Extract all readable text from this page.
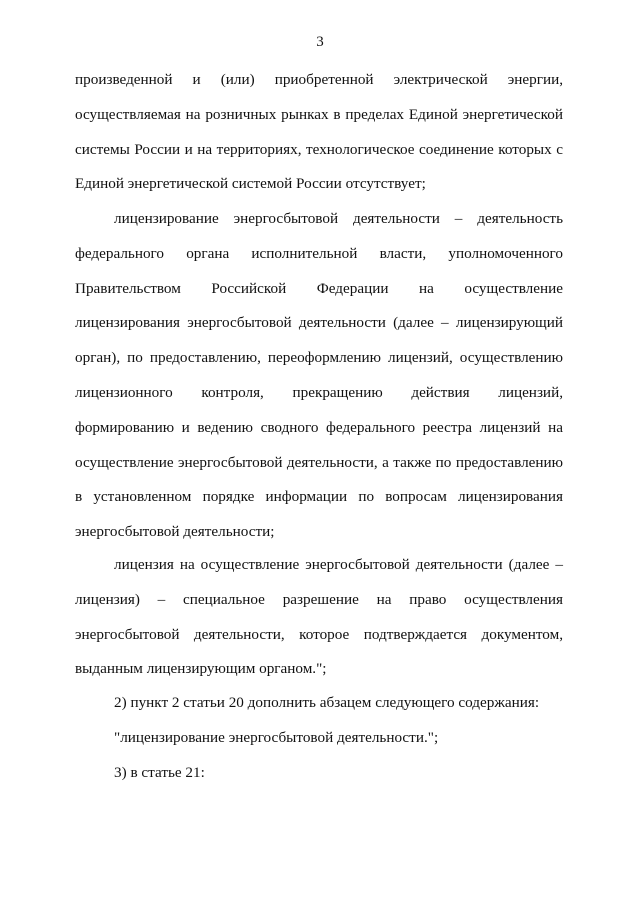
3

произведенной и (или) приобретенной электрической энергии, осуществляемая на розничных рынках в пределах Единой энергетической системы России и на территориях, технологическое соединение которых с Единой энергетической системой России отсутствует;

лицензирование энергосбытовой деятельности – деятельность федерального органа исполнительной власти, уполномоченного Правительством Российской Федерации на осуществление лицензирования энергосбытовой деятельности (далее – лицензирующий орган), по предоставлению, переоформлению лицензий, осуществлению лицензионного контроля, прекращению действия лицензий, формированию и ведению сводного федерального реестра лицензий на осуществление энергосбытовой деятельности, а также по предоставлению в установленном порядке информации по вопросам лицензирования энергосбытовой деятельности;

лицензия на осуществление энергосбытовой деятельности (далее – лицензия) – специальное разрешение на право осуществления энергосбытовой деятельности, которое подтверждается документом, выданным лицензирующим органом.";

2) пункт 2 статьи 20 дополнить абзацем следующего содержания:

"лицензирование энергосбытовой деятельности.";

3) в статье 21:
